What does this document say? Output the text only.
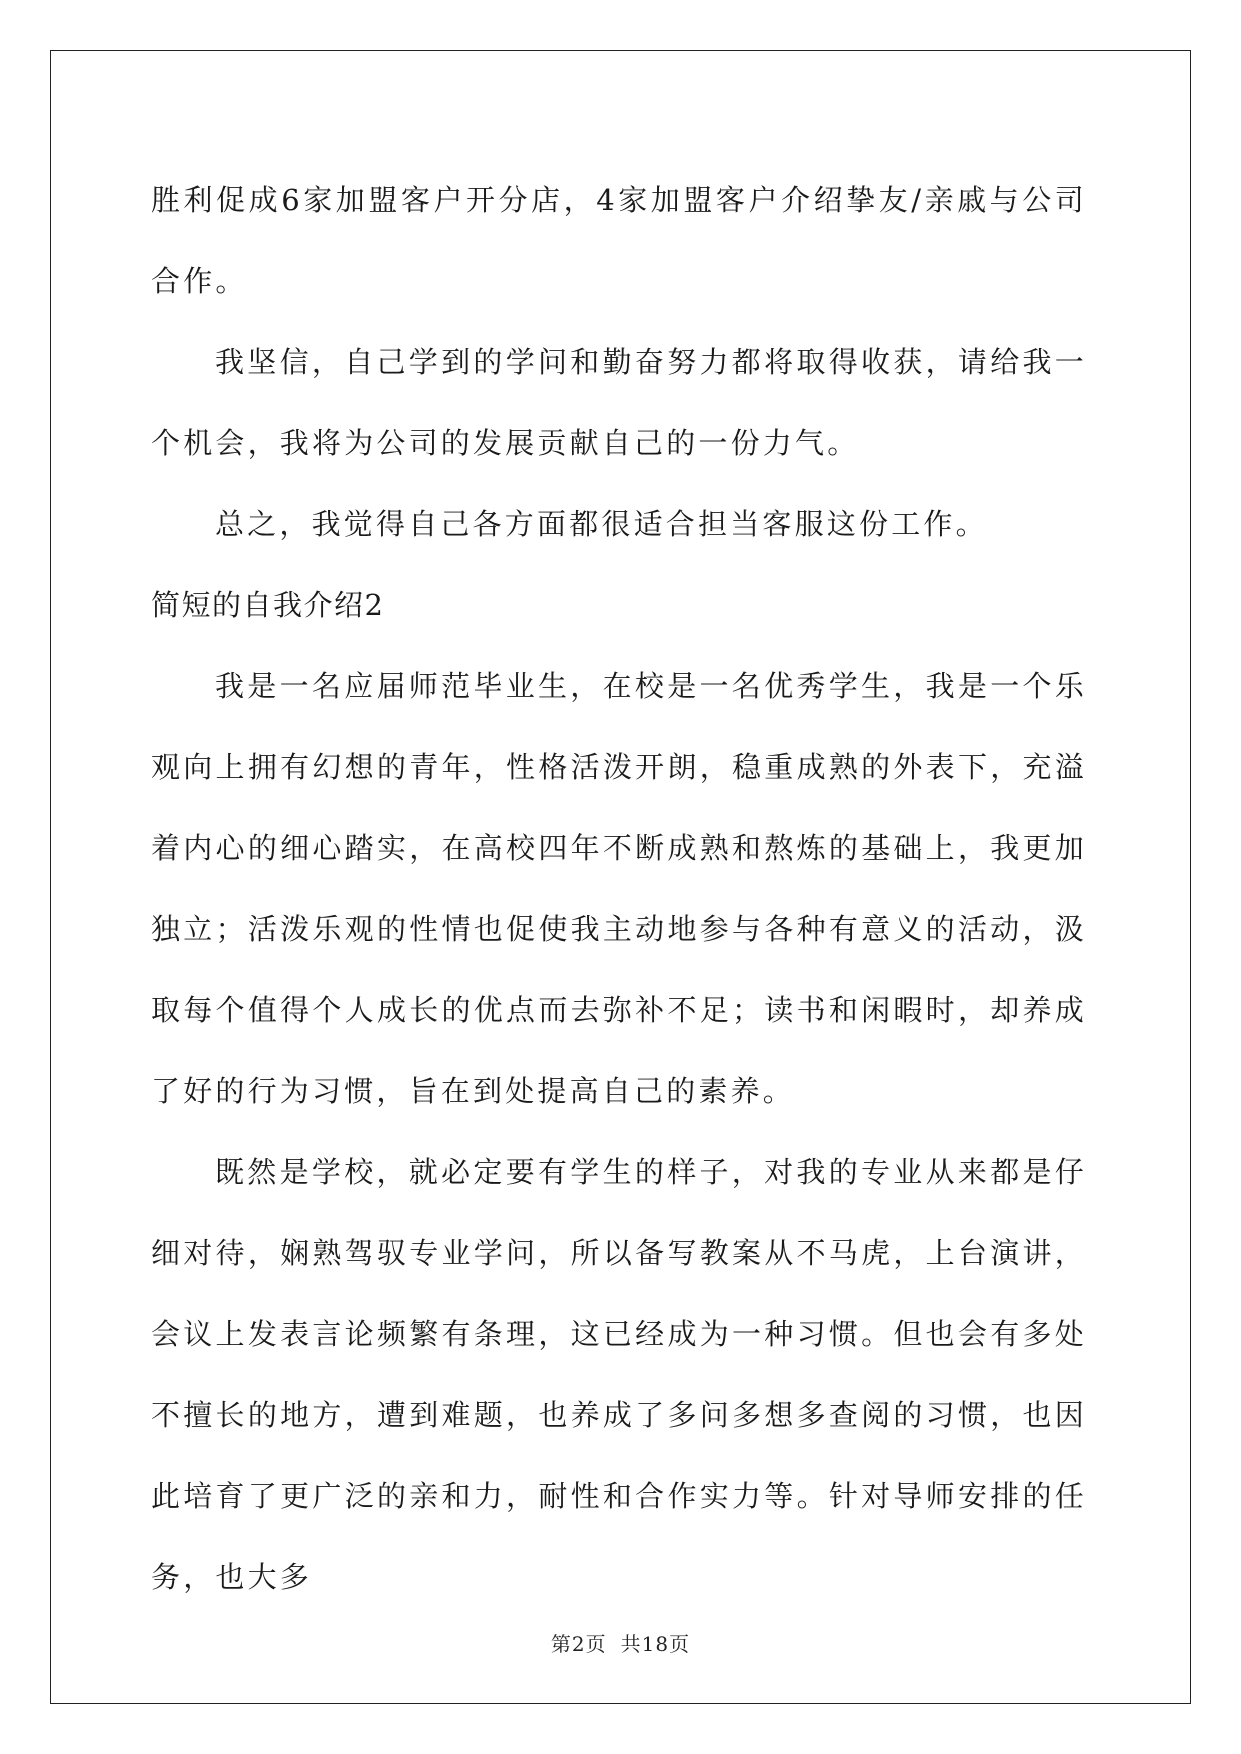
胜利促成6家加盟客户开分店，4家加盟客户介绍挚友/亲戚与公司合作。

我坚信，自己学到的学问和勤奋努力都将取得收获，请给我一个机会，我将为公司的发展贡献自己的一份力气。

总之，我觉得自己各方面都很适合担当客服这份工作。

简短的自我介绍2

我是一名应届师范毕业生，在校是一名优秀学生，我是一个乐观向上拥有幻想的青年，性格活泼开朗，稳重成熟的外表下，充溢着内心的细心踏实，在高校四年不断成熟和熬炼的基础上，我更加独立；活泼乐观的性情也促使我主动地参与各种有意义的活动，汲取每个值得个人成长的优点而去弥补不足；读书和闲暇时，却养成了好的行为习惯，旨在到处提高自己的素养。

既然是学校，就必定要有学生的样子，对我的专业从来都是仔细对待，娴熟驾驭专业学问，所以备写教案从不马虎，上台演讲，会议上发表言论频繁有条理，这已经成为一种习惯。但也会有多处不擅长的地方，遭到难题，也养成了多问多想多查阅的习惯，也因此培育了更广泛的亲和力，耐性和合作实力等。针对导师安排的任务，也大多

第2页 共18页
